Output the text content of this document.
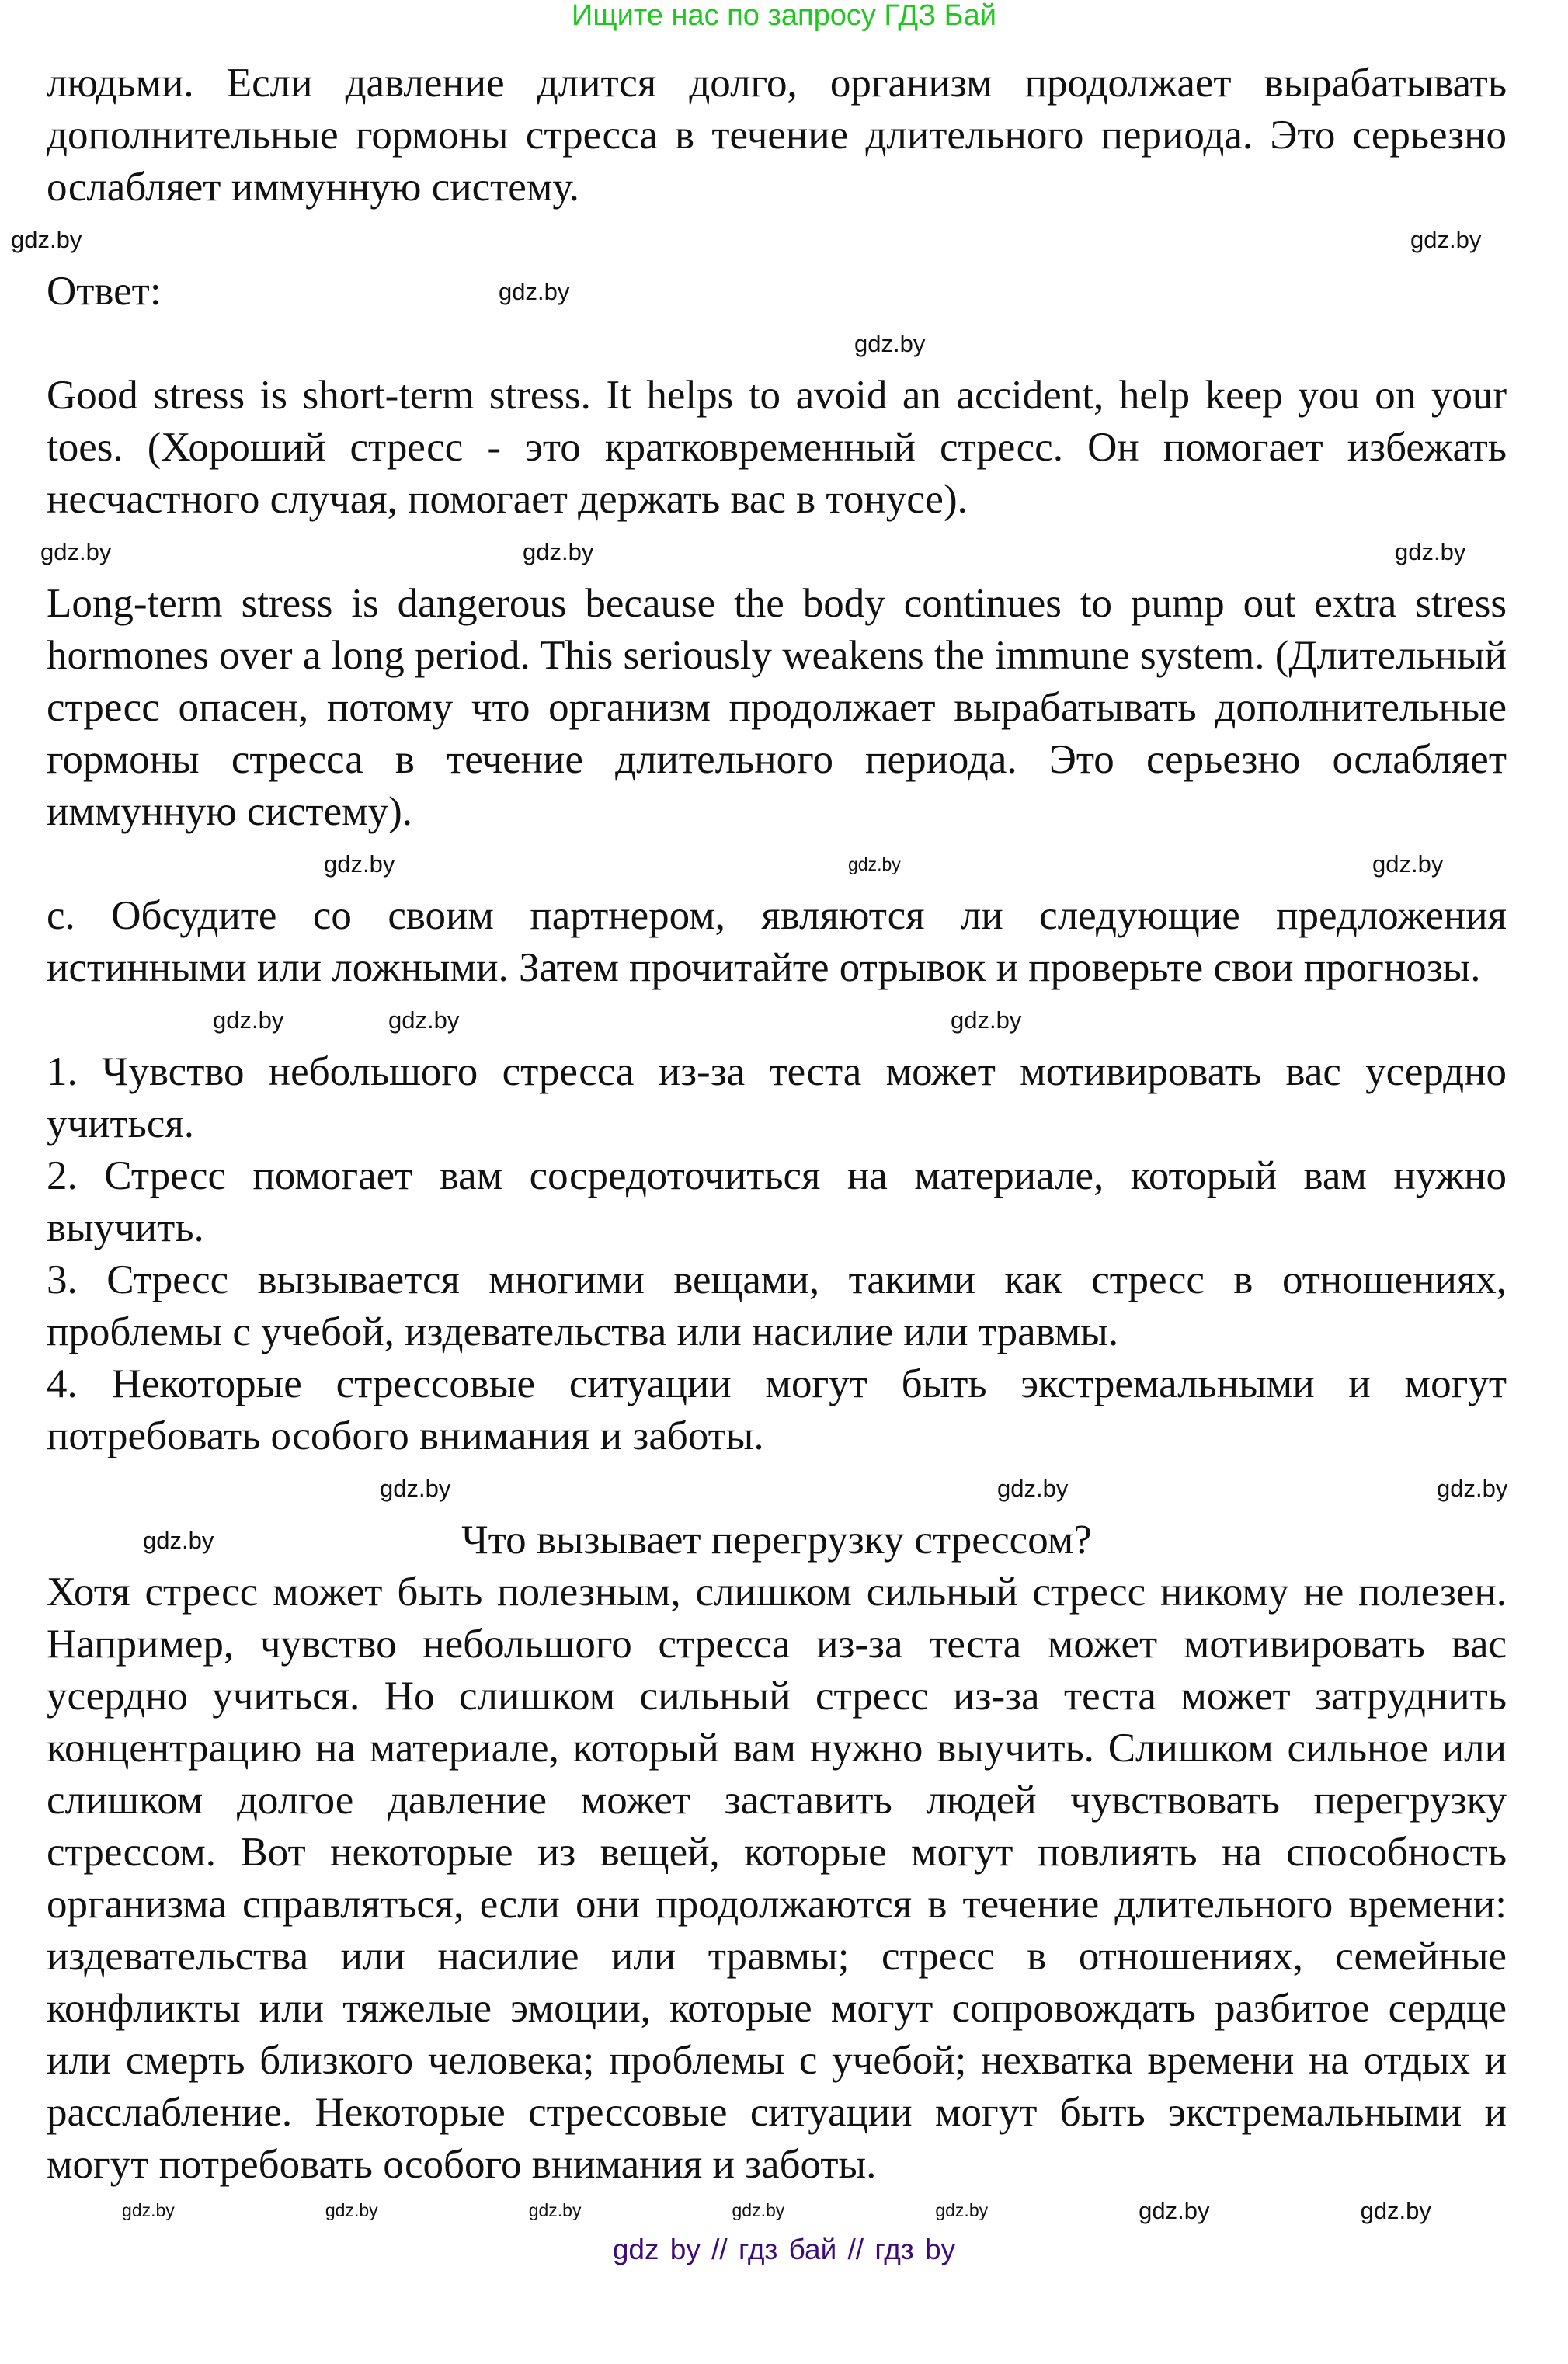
Ищите нас по запросу ГДЗ Бай

людьми. Если давление длится долго, организм продолжает вырабатывать дополнительные гормоны стресса в течение длительного периода. Это серьезно ослабляет иммунную систему.

gdz.by	gdz.by
Ответ:	gdz.by
gdz.by

Good stress is short-term stress. It helps to avoid an accident, help keep you on your toes. (Хороший стресс - это кратковременный стресс. Он помогает избежать несчастного случая, помогает держать вас в тонусе).

gdz.by	gdz.by	gdz.by

Long-term stress is dangerous because the body continues to pump out extra stress hormones over a long period. This seriously weakens the immune system. (Длительный стресс опасен, потому что организм продолжает вырабатывать дополнительные гормоны стресса в течение длительного периода. Это серьезно ослабляет иммунную систему).

gdz.by	gdz.by	gdz.by

c. Обсудите со своим партнером, являются ли следующие предложения истинными или ложными. Затем прочитайте отрывок и проверьте свои прогнозы.

gdz.by	gdz.by	gdz.by

1. Чувство небольшого стресса из-за теста может мотивировать вас усердно учиться.

2. Стресс помогает вам сосредоточиться на материале, который вам нужно выучить.

3. Стресс вызывается многими вещами, такими как стресс в отношениях, проблемы с учебой, издевательства или насилие или травмы.

4. Некоторые стрессовые ситуации могут быть экстремальными и могут потребовать особого внимания и заботы.

gdz.by	gdz.by	gdz.by
gdz.by	Что вызывает перегрузку стрессом?

Хотя стресс может быть полезным, слишком сильный стресс никому не полезен. Например, чувство небольшого стресса из-за теста может мотивировать вас усердно учиться. Но слишком сильный стресс из-за теста может затруднить концентрацию на материале, который вам нужно выучить. Слишком сильное или слишком долгое давление может заставить людей чувствовать перегрузку стрессом. Вот некоторые из вещей, которые могут повлиять на способность организма справляться, если они продолжаются в течение длительного времени: издевательства или насилие или травмы; стресс в отношениях, семейные конфликты или тяжелые эмоции, которые могут сопровождать разбитое сердце или смерть близкого человека; проблемы с учебой; нехватка времени на отдых и расслабление. Некоторые стрессовые ситуации могут быть экстремальными и могут потребовать особого внимания и заботы.

gdz.by	gdz.by	gdz.by	gdz.by	gdz.by	gdz.by	gdz.by
gdz by // гдз бай // гдз by
